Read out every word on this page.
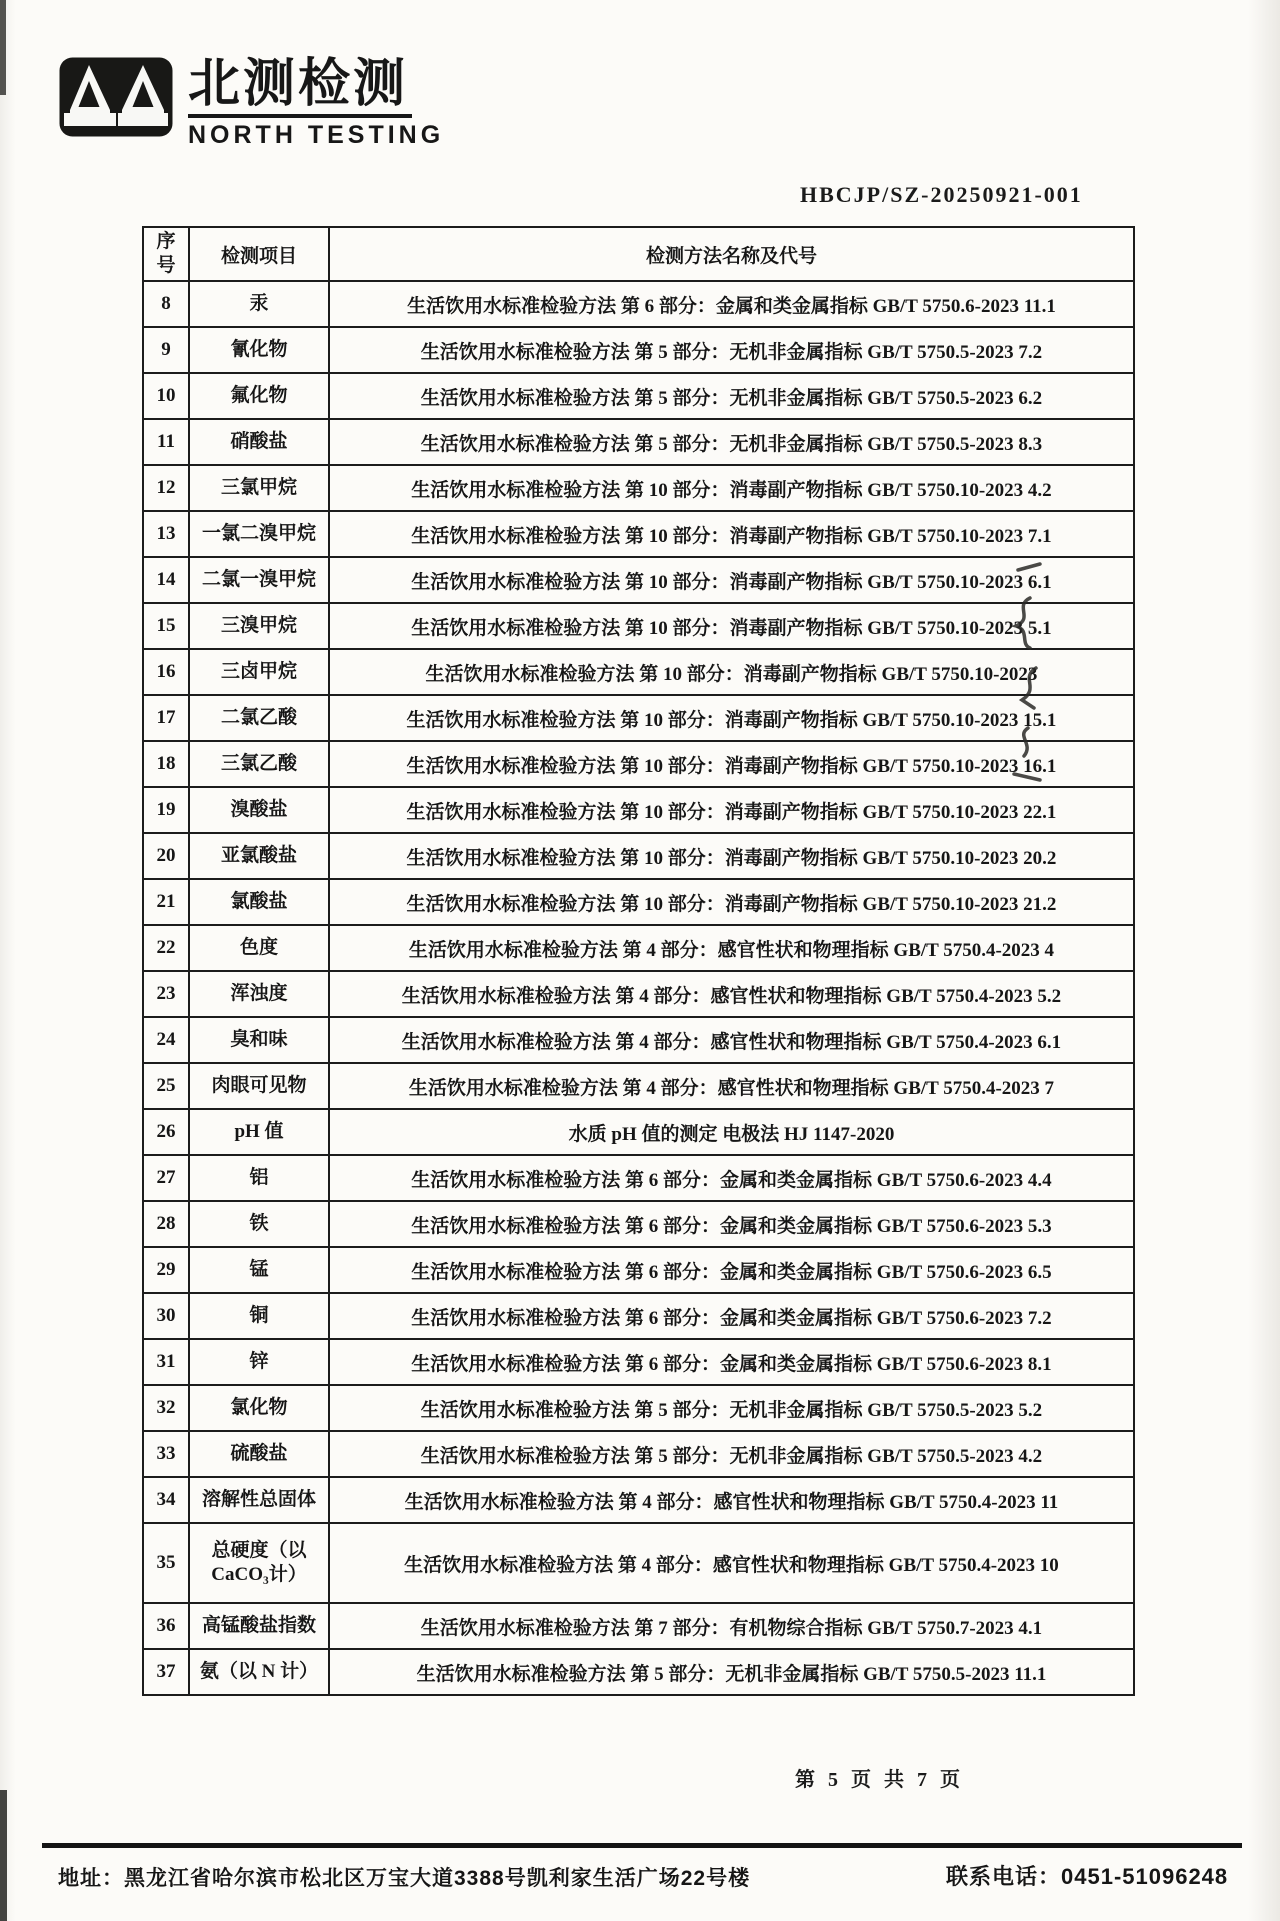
北测检测
NORTH TESTING
HBCJP/SZ-20250921-001
序
号	检测项目	检测方法名称及代号
8	汞	生活饮用水标准检验方法 第 6 部分：金属和类金属指标 GB/T 5750.6-2023 11.1
9	氰化物	生活饮用水标准检验方法 第 5 部分：无机非金属指标 GB/T 5750.5-2023 7.2
10	氟化物	生活饮用水标准检验方法 第 5 部分：无机非金属指标 GB/T 5750.5-2023 6.2
11	硝酸盐	生活饮用水标准检验方法 第 5 部分：无机非金属指标 GB/T 5750.5-2023 8.3
12	三氯甲烷	生活饮用水标准检验方法 第 10 部分：消毒副产物指标 GB/T 5750.10-2023 4.2
13	一氯二溴甲烷	生活饮用水标准检验方法 第 10 部分：消毒副产物指标 GB/T 5750.10-2023 7.1
14	二氯一溴甲烷	生活饮用水标准检验方法 第 10 部分：消毒副产物指标 GB/T 5750.10-2023 6.1
15	三溴甲烷	生活饮用水标准检验方法 第 10 部分：消毒副产物指标 GB/T 5750.10-2023 5.1
16	三卤甲烷	生活饮用水标准检验方法 第 10 部分：消毒副产物指标 GB/T 5750.10-2023
17	二氯乙酸	生活饮用水标准检验方法 第 10 部分：消毒副产物指标 GB/T 5750.10-2023 15.1
18	三氯乙酸	生活饮用水标准检验方法 第 10 部分：消毒副产物指标 GB/T 5750.10-2023 16.1
19	溴酸盐	生活饮用水标准检验方法 第 10 部分：消毒副产物指标 GB/T 5750.10-2023 22.1
20	亚氯酸盐	生活饮用水标准检验方法 第 10 部分：消毒副产物指标 GB/T 5750.10-2023 20.2
21	氯酸盐	生活饮用水标准检验方法 第 10 部分：消毒副产物指标 GB/T 5750.10-2023 21.2
22	色度	生活饮用水标准检验方法 第 4 部分：感官性状和物理指标 GB/T 5750.4-2023 4
23	浑浊度	生活饮用水标准检验方法 第 4 部分：感官性状和物理指标 GB/T 5750.4-2023 5.2
24	臭和味	生活饮用水标准检验方法 第 4 部分：感官性状和物理指标 GB/T 5750.4-2023 6.1
25	肉眼可见物	生活饮用水标准检验方法 第 4 部分：感官性状和物理指标 GB/T 5750.4-2023 7
26	pH 值	水质 pH 值的测定 电极法 HJ 1147-2020
27	铝	生活饮用水标准检验方法 第 6 部分：金属和类金属指标 GB/T 5750.6-2023 4.4
28	铁	生活饮用水标准检验方法 第 6 部分：金属和类金属指标 GB/T 5750.6-2023 5.3
29	锰	生活饮用水标准检验方法 第 6 部分：金属和类金属指标 GB/T 5750.6-2023 6.5
30	铜	生活饮用水标准检验方法 第 6 部分：金属和类金属指标 GB/T 5750.6-2023 7.2
31	锌	生活饮用水标准检验方法 第 6 部分：金属和类金属指标 GB/T 5750.6-2023 8.1
32	氯化物	生活饮用水标准检验方法 第 5 部分：无机非金属指标 GB/T 5750.5-2023 5.2
33	硫酸盐	生活饮用水标准检验方法 第 5 部分：无机非金属指标 GB/T 5750.5-2023 4.2
34	溶解性总固体	生活饮用水标准检验方法 第 4 部分：感官性状和物理指标 GB/T 5750.4-2023 11
35	总硬度（以CaCO₃计）	生活饮用水标准检验方法 第 4 部分：感官性状和物理指标 GB/T 5750.4-2023 10
36	高锰酸盐指数	生活饮用水标准检验方法 第 7 部分：有机物综合指标 GB/T 5750.7-2023 4.1
37	氨（以 N 计）	生活饮用水标准检验方法 第 5 部分：无机非金属指标 GB/T 5750.5-2023 11.1
第 5 页 共 7 页
地址：黑龙江省哈尔滨市松北区万宝大道3388号凯利家生活广场22号楼	联系电话：0451-51096248
